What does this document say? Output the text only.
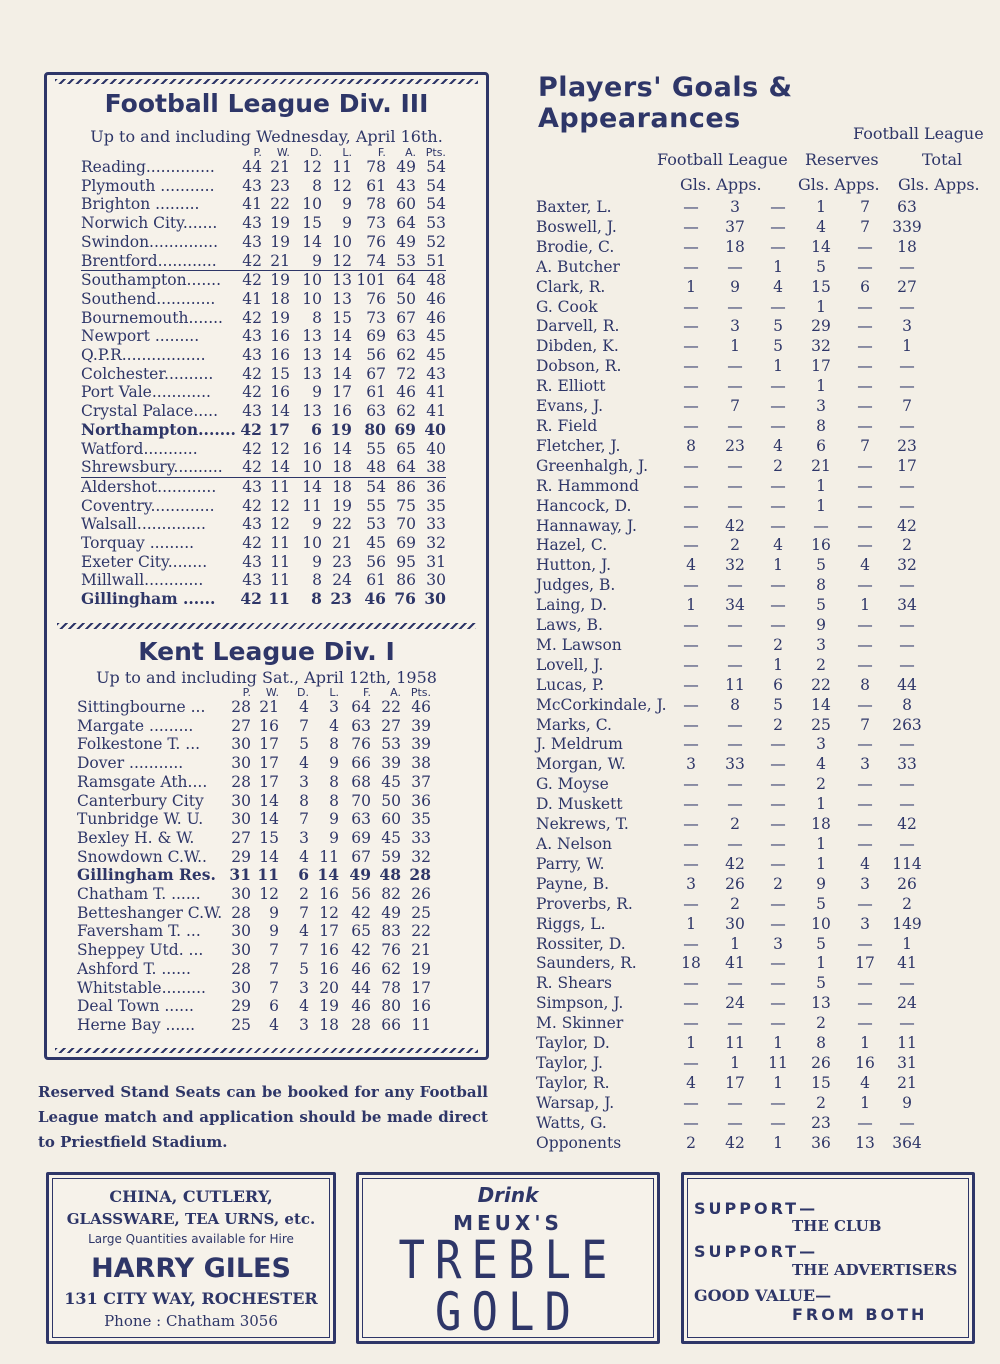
Football League Div. III
Up to and including Wednesday, April 16th.
	P.	W.	D.	L.	F.	A.	Pts.
Reading..............	44	21	12	11	78	49	54
Plymouth ...........	43	23	8	12	61	43	54
Brighton .........	41	22	10	9	78	60	54
Norwich City.......	43	19	15	9	73	64	53
Swindon..............	43	19	14	10	76	49	52
Brentford............	42	21	9	12	74	53	51
Southampton.......	42	19	10	13	101	64	48
Southend............	41	18	10	13	76	50	46
Bournemouth.......	42	19	8	15	73	67	46
Newport .........	43	16	13	14	69	63	45
Q.P.R.................	43	16	13	14	56	62	45
Colchester..........	42	15	13	14	67	72	43
Port Vale............	42	16	9	17	61	46	41
Crystal Palace.....	43	14	13	16	63	62	41
Northampton.......	42	17	6	19	80	69	40
Watford...........	42	12	16	14	55	65	40
Shrewsbury..........	42	14	10	18	48	64	38
Aldershot............	43	11	14	18	54	86	36
Coventry.............	42	12	11	19	55	75	35
Walsall..............	43	12	9	22	53	70	33
Torquay .........	42	11	10	21	45	69	32
Exeter City........	43	11	9	23	56	95	31
Millwall............	43	11	8	24	61	86	30
Gillingham ......	42	11	8	23	46	76	30
Kent League Div. I
Up to and including Sat., April 12th, 1958
	P.	W.	D.	L.	F.	A.	Pts.
Sittingbourne ...	28	21	4	3	64	22	46
Margate .........	27	16	7	4	63	27	39
Folkestone T. ...	30	17	5	8	76	53	39
Dover ...........	30	17	4	9	66	39	38
Ramsgate Ath....	28	17	3	8	68	45	37
Canterbury City	30	14	8	8	70	50	36
Tunbridge W. U.	30	14	7	9	63	60	35
Bexley H. & W.	27	15	3	9	69	45	33
Snowdown C.W..	29	14	4	11	67	59	32
Gillingham Res.	31	11	6	14	49	48	28
Chatham T. ......	30	12	2	16	56	82	26
Betteshanger C.W.	28	9	7	12	42	49	25
Faversham T. ...	30	9	4	17	65	83	22
Sheppey Utd. ...	30	7	7	16	42	76	21
Ashford T. ......	28	7	5	16	46	62	19
Whitstable.........	30	7	3	20	44	78	17
Deal Town ......	29	6	4	19	46	80	16
Herne Bay ......	25	4	3	18	28	66	11
Reserved Stand Seats can be booked for any Football League match and application should be made direct to Priestfield Stadium.
Players' Goals & Appearances	Football League
Football League Reserves	Total
Gls. Apps. Gls. Apps. Gls. Apps.
Baxter, L.	—	3	—	1	7	63
Boswell, J.	—	37	—	4	7	339
Brodie, C.	—	18	—	14	—	18
A. Butcher	—	—	1	5	—	—
Clark, R.	1	9	4	15	6	27
G. Cook	—	—	—	1	—	—
Darvell, R.	—	3	5	29	—	3
Dibden, K.	—	1	5	32	—	1
Dobson, R.	—	—	1	17	—	—
R. Elliott	—	—	—	1	—	—
Evans, J.	—	7	—	3	—	7
R. Field	—	—	—	8	—	—
Fletcher, J.	8	23	4	6	7	23
Greenhalgh, J.	—	—	2	21	—	17
R. Hammond	—	—	—	1	—	—
Hancock, D.	—	—	—	1	—	—
Hannaway, J.	—	42	—	—	—	42
Hazel, C.	—	2	4	16	—	2
Hutton, J.	4	32	1	5	4	32
Judges, B.	—	—	—	8	—	—
Laing, D.	1	34	—	5	1	34
Laws, B.	—	—	—	9	—	—
M. Lawson	—	—	2	3	—	—
Lovell, J.	—	—	1	2	—	—
Lucas, P.	—	11	6	22	8	44
McCorkindale, J.	—	8	5	14	—	8
Marks, C.	—	—	2	25	7	263
J. Meldrum	—	—	—	3	—	—
Morgan, W.	3	33	—	4	3	33
G. Moyse	—	—	—	2	—	—
D. Muskett	—	—	—	1	—	—
Nekrews, T.	—	2	—	18	—	42
A. Nelson	—	—	—	1	—	—
Parry, W.	—	42	—	1	4	114
Payne, B.	3	26	2	9	3	26
Proverbs, R.	—	2	—	5	—	2
Riggs, L.	1	30	—	10	3	149
Rossiter, D.	—	1	3	5	—	1
Saunders, R.	18	41	—	1	17	41
R. Shears	—	—	—	5	—	—
Simpson, J.	—	24	—	13	—	24
M. Skinner	—	—	—	2	—	—
Taylor, D.	1	11	1	8	1	11
Taylor, J.	—	1	11	26	16	31
Taylor, R.	4	17	1	15	4	21
Warsap, J.	—	—	—	2	1	9
Watts, G.	—	—	—	23	—	—
Opponents	2	42	1	36	13	364
CHINA, CUTLERY,
GLASSWARE, TEA URNS, etc.
Large Quantities available for Hire
HARRY GILES
131 CITY WAY, ROCHESTER
Phone : Chatham 3056
Drink
MEUX'S
TREBLE
GOLD
SUPPORT—
THE CLUB
SUPPORT—
THE ADVERTISERS
GOOD VALUE—
FROM BOTH
